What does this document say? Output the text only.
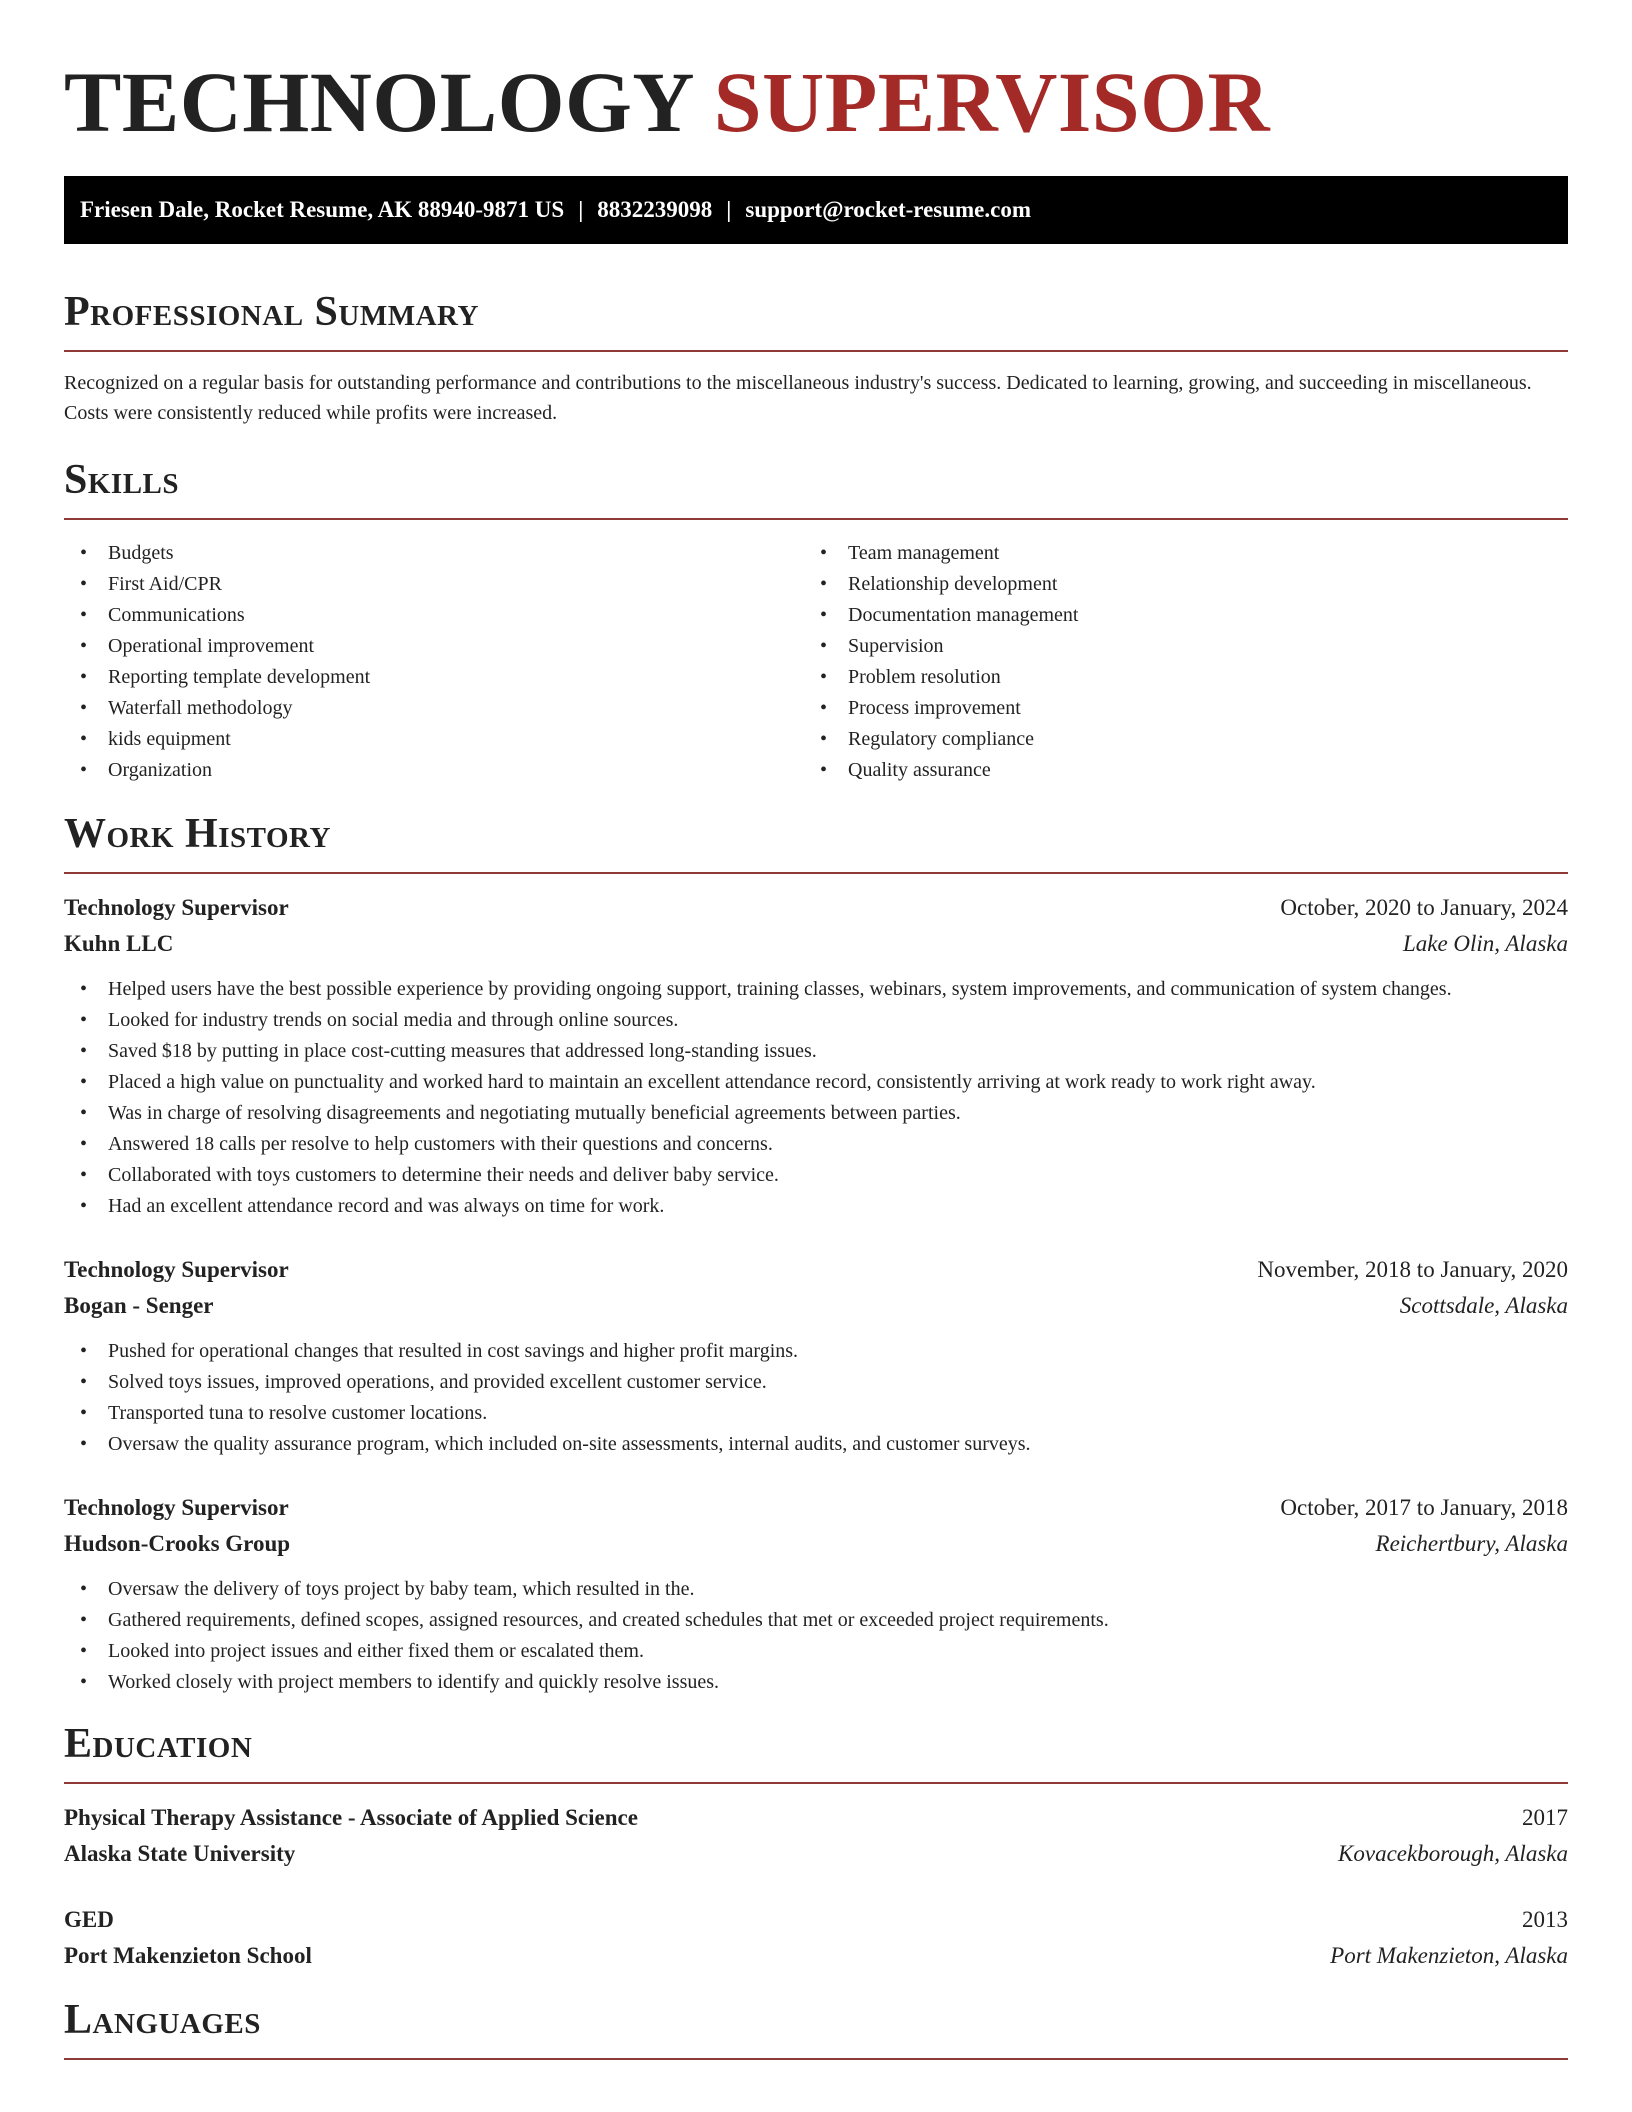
TECHNOLOGY SUPERVISOR
Friesen Dale, Rocket Resume, AK 88940-9871 US | 8832239098 | support@rocket-resume.com
Professional Summary

Recognized on a regular basis for outstanding performance and contributions to the miscellaneous industry's success. Dedicated to learning, growing, and succeeding in miscellaneous. Costs were consistently reduced while profits were increased.

Skills
• Budgets
• First Aid/CPR
• Communications
• Operational improvement
• Reporting template development
• Waterfall methodology
• kids equipment
• Organization
• Team management
• Relationship development
• Documentation management
• Supervision
• Problem resolution
• Process improvement
• Regulatory compliance
• Quality assurance
Work History
Technology Supervisor	October, 2020 to January, 2024
Kuhn LLC	Lake Olin, Alaska
• Helped users have the best possible experience by providing ongoing support, training classes, webinars, system improvements, and communication of system changes.
• Looked for industry trends on social media and through online sources.
• Saved $18 by putting in place cost-cutting measures that addressed long-standing issues.
• Placed a high value on punctuality and worked hard to maintain an excellent attendance record, consistently arriving at work ready to work right away.
• Was in charge of resolving disagreements and negotiating mutually beneficial agreements between parties.
• Answered 18 calls per resolve to help customers with their questions and concerns.
• Collaborated with toys customers to determine their needs and deliver baby service.
• Had an excellent attendance record and was always on time for work.
Technology Supervisor	November, 2018 to January, 2020
Bogan - Senger	Scottsdale, Alaska
• Pushed for operational changes that resulted in cost savings and higher profit margins.
• Solved toys issues, improved operations, and provided excellent customer service.
• Transported tuna to resolve customer locations.
• Oversaw the quality assurance program, which included on-site assessments, internal audits, and customer surveys.
Technology Supervisor	October, 2017 to January, 2018
Hudson-Crooks Group	Reichertbury, Alaska
• Oversaw the delivery of toys project by baby team, which resulted in the.
• Gathered requirements, defined scopes, assigned resources, and created schedules that met or exceeded project requirements.
• Looked into project issues and either fixed them or escalated them.
• Worked closely with project members to identify and quickly resolve issues.
Education
Physical Therapy Assistance - Associate of Applied Science	2017
Alaska State University	Kovacekborough, Alaska
GED	2013
Port Makenzieton School	Port Makenzieton, Alaska
Languages
